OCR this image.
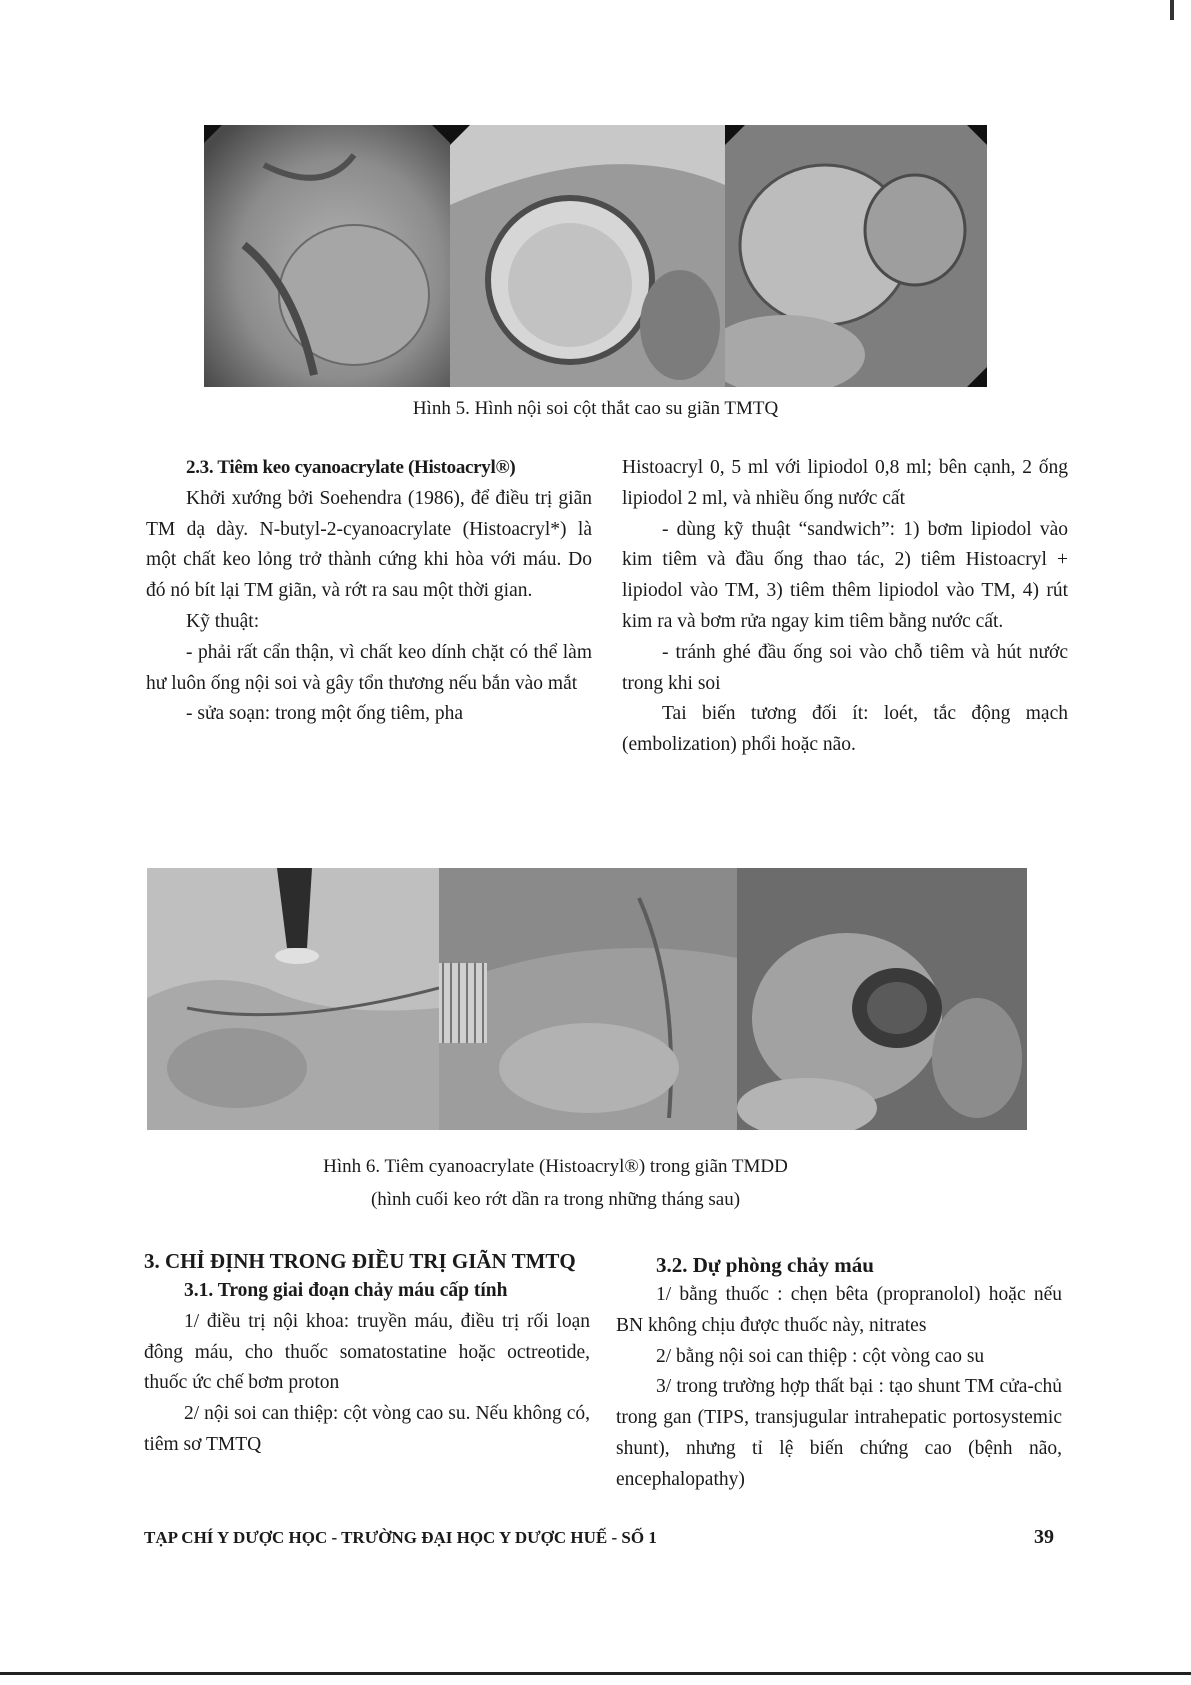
Hình 5. Hình nội soi cột thắt cao su giãn TMTQ

2.3. Tiêm keo cyanoacrylate (Histoacryl®)

Khởi xướng bởi Soehendra (1986), để điều trị giãn TM dạ dày. N-butyl-2-cyanoacrylate (Histoacryl*) là một chất keo lỏng trở thành cứng khi hòa với máu. Do đó nó bít lại TM giãn, và rớt ra sau một thời gian.

Kỹ thuật:

- phải rất cẩn thận, vì chất keo dính chặt có thể làm hư luôn ống nội soi và gây tổn thương nếu bắn vào mắt

- sửa soạn: trong một ống tiêm, pha

Histoacryl 0, 5 ml với lipiodol 0,8 ml; bên cạnh, 2 ống lipiodol 2 ml, và nhiều ống nước cất

- dùng kỹ thuật “sandwich”: 1) bơm lipiodol vào kim tiêm và đầu ống thao tác, 2) tiêm Histoacryl + lipiodol vào TM, 3) tiêm thêm lipiodol vào TM, 4) rút kim ra và bơm rửa ngay kim tiêm bằng nước cất.

- tránh ghé đầu ống soi vào chỗ tiêm và hút nước trong khi soi

Tai biến tương đối ít: loét, tắc động mạch (embolization) phổi hoặc não.

Hình 6. Tiêm cyanoacrylate (Histoacryl®) trong giãn TMDD
(hình cuối keo rớt dần ra trong những tháng sau)

3. CHỈ ĐỊNH TRONG ĐIỀU TRỊ GIÃN TMTQ

3.1. Trong giai đoạn chảy máu cấp tính

1/ điều trị nội khoa: truyền máu, điều trị rối loạn đông máu, cho thuốc somatostatine hoặc octreotide, thuốc ức chế bơm proton

2/ nội soi can thiệp: cột vòng cao su. Nếu không có, tiêm sơ TMTQ

3.2. Dự phòng chảy máu

1/ bằng thuốc : chẹn bêta (propranolol) hoặc nếu BN không chịu được thuốc này, nitrates

2/ bằng nội soi can thiệp : cột vòng cao su

3/ trong trường hợp thất bại : tạo shunt TM cửa-chủ trong gan (TIPS, transjugular intrahepatic portosystemic shunt), nhưng tỉ lệ biến chứng cao (bệnh não, encephalopathy)

TẠP CHÍ Y DƯỢC HỌC - TRƯỜNG ĐẠI HỌC Y DƯỢC HUẾ - SỐ 1	39
